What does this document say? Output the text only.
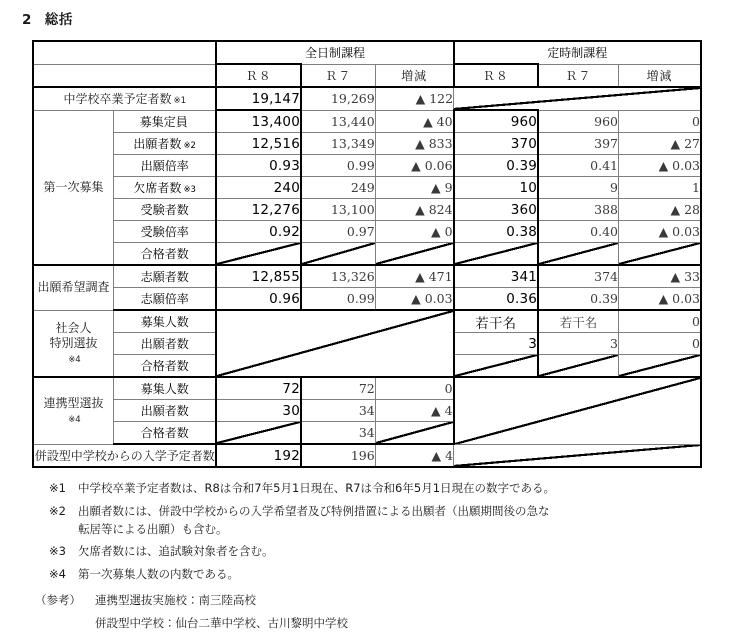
2 総括
		全日制課程			定時制課程		
		Ｒ８	Ｒ７	増減	Ｒ８	Ｒ７	増減
中学校卒業予定者数 ※1		19,147	19,269	▲ 122			
第一次募集	募集定員	13,400	13,440	▲ 40	960	960	0
	出願者数 ※2	12,516	13,349	▲ 833	370	397	▲ 27
	出願倍率	0.93	0.99	▲ 0.06	0.39	0.41	▲ 0.03
	欠席者数 ※3	240	249	▲ 9	10	9	1
	受験者数	12,276	13,100	▲ 824	360	388	▲ 28
	受験倍率	0.92	0.97	▲ 0	0.38	0.40	▲ 0.03
	合格者数						
出願希望調査	志願者数	12,855	13,326	▲ 471	341	374	▲ 33
	志願倍率	0.96	0.99	▲ 0.03	0.36	0.39	▲ 0.03
社会人
特別選抜
※4	募集人数				若干名	若干名	0
	出願者数				3	3	0
	合格者数						
連携型選抜
※4	募集人数	72	72	0			
	出願者数	30	34	▲ 4			
	合格者数		34				
併設型中学校からの入学予定者数		192	196	▲ 4			
※1	中学校卒業予定者数は、R8は令和7年5月1日現在、R7は令和6年5月1日現在の数字である。
※2	出願者数には、併設中学校からの入学希望者及び特例措置による出願者（出願期間後の急な
転居等による出願）も含む。
※3	欠席者数には、追試験対象者を含む。
※4	第一次募集人数の内数である。
（参考）	連携型選抜実施校：南三陸高校
併設型中学校：仙台二華中学校、古川黎明中学校
